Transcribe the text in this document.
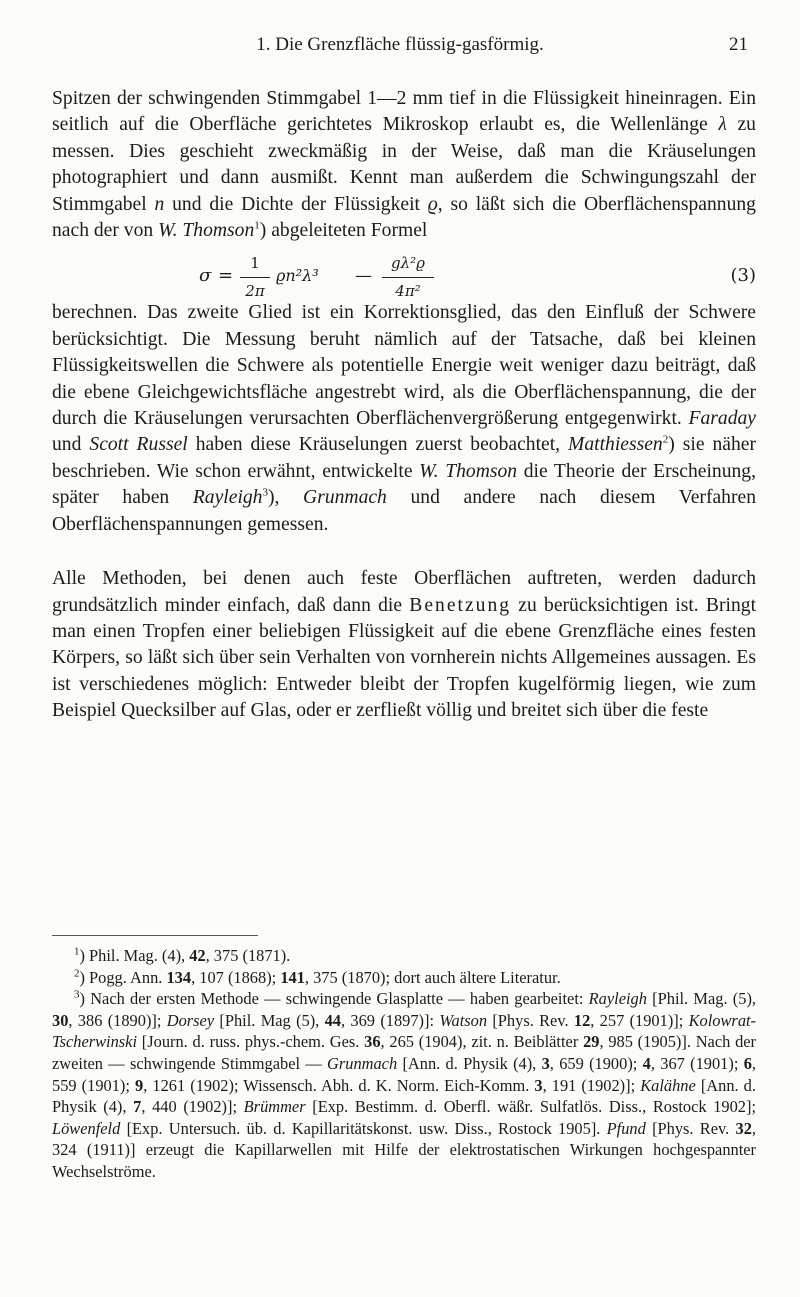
1. Die Grenzfläche flüssig-gasförmig.	21

Spitzen der schwingenden Stimmgabel 1—2 mm tief in die Flüssigkeit hineinragen. Ein seitlich auf die Oberfläche gerichtetes Mikroskop erlaubt es, die Wellenlänge λ zu messen. Dies geschieht zweckmäßig in der Weise, daß man die Kräuselungen photographiert und dann ausmißt. Kennt man außerdem die Schwingungszahl der Stimmgabel n und die Dichte der Flüssigkeit ϱ, so läßt sich die Oberflächenspannung nach der von W. Thomson$^1$) abgeleiteten Formel

$\sigma = \frac{1}{2\pi} ϱn^2\lambda^3$ — $\frac{\text{gλ²ϱ}}{\text{4π²}}$	(3)

berechnen. Das zweite Glied ist ein Korrektionsglied, das den Einfluß der Schwere berücksichtigt. Die Messung beruht nämlich auf der Tatsache, daß bei kleinen Flüssigkeitswellen die Schwere als potentielle Energie weit weniger dazu beiträgt, daß die ebene Gleichgewichtsfläche angestrebt wird, als die Oberflächenspannung, die der durch die Kräuselungen verursachten Oberflächenvergrößerung entgegenwirkt. Faraday und Scott Russel haben diese Kräuselungen zuerst beobachtet, Matthiessen$^2$) sie näher beschrieben. Wie schon erwähnt, entwickelte W. Thomson die Theorie der Erscheinung, später haben Rayleigh$^3$), Grunmach und andere nach diesem Verfahren Oberflächenspannungen gemessen.

Alle Methoden, bei denen auch feste Oberflächen auftreten, werden dadurch grundsätzlich minder einfach, daß dann die Benetzung zu berücksichtigen ist. Bringt man einen Tropfen einer beliebigen Flüssigkeit auf die ebene Grenzfläche eines festen Körpers, so läßt sich über sein Verhalten von vornherein nichts Allgemeines aussagen. Es ist verschiedenes möglich: Entweder bleibt der Tropfen kugelförmig liegen, wie zum Beispiel Quecksilber auf Glas, oder er zerfließt völlig und breitet sich über die feste

$^1$) Phil. Mag. (4), 42, 375 (1871).

$^2$) Pogg. Ann. 134, 107 (1868); 141, 375 (1870); dort auch ältere Literatur.

$^3$) Nach der ersten Methode — schwingende Glasplatte — haben gearbeitet: Rayleigh [Phil. Mag. (5), 30, 386 (1890)]; Dorsey [Phil. Mag (5), 44, 369 (1897)]: Watson [Phys. Rev. 12, 257 (1901)]; Kolowrat-Tscherwinski [Journ. d. russ. phys.-chem. Ges. 36, 265 (1904), zit. n. Beiblätter 29, 985 (1905)]. Nach der zweiten — schwingende Stimmgabel — Grunmach [Ann. d. Physik (4), 3, 659 (1900); 4, 367 (1901); 6, 559 (1901); 9, 1261 (1902); Wissensch. Abh. d. K. Norm. Eich-Komm. 3, 191 (1902)]; Kalähne [Ann. d. Physik (4), 7, 440 (1902)]; Brümmer [Exp. Bestimm. d. Oberfl. wäßr. Sulfatlös. Diss., Rostock 1902]; Löwenfeld [Exp. Untersuch. üb. d. Kapillaritätskonst. usw. Diss., Rostock 1905]. Pfund [Phys. Rev. 32, 324 (1911)] erzeugt die Kapillarwellen mit Hilfe der elektrostatischen Wirkungen hochgespannter Wechselströme.
